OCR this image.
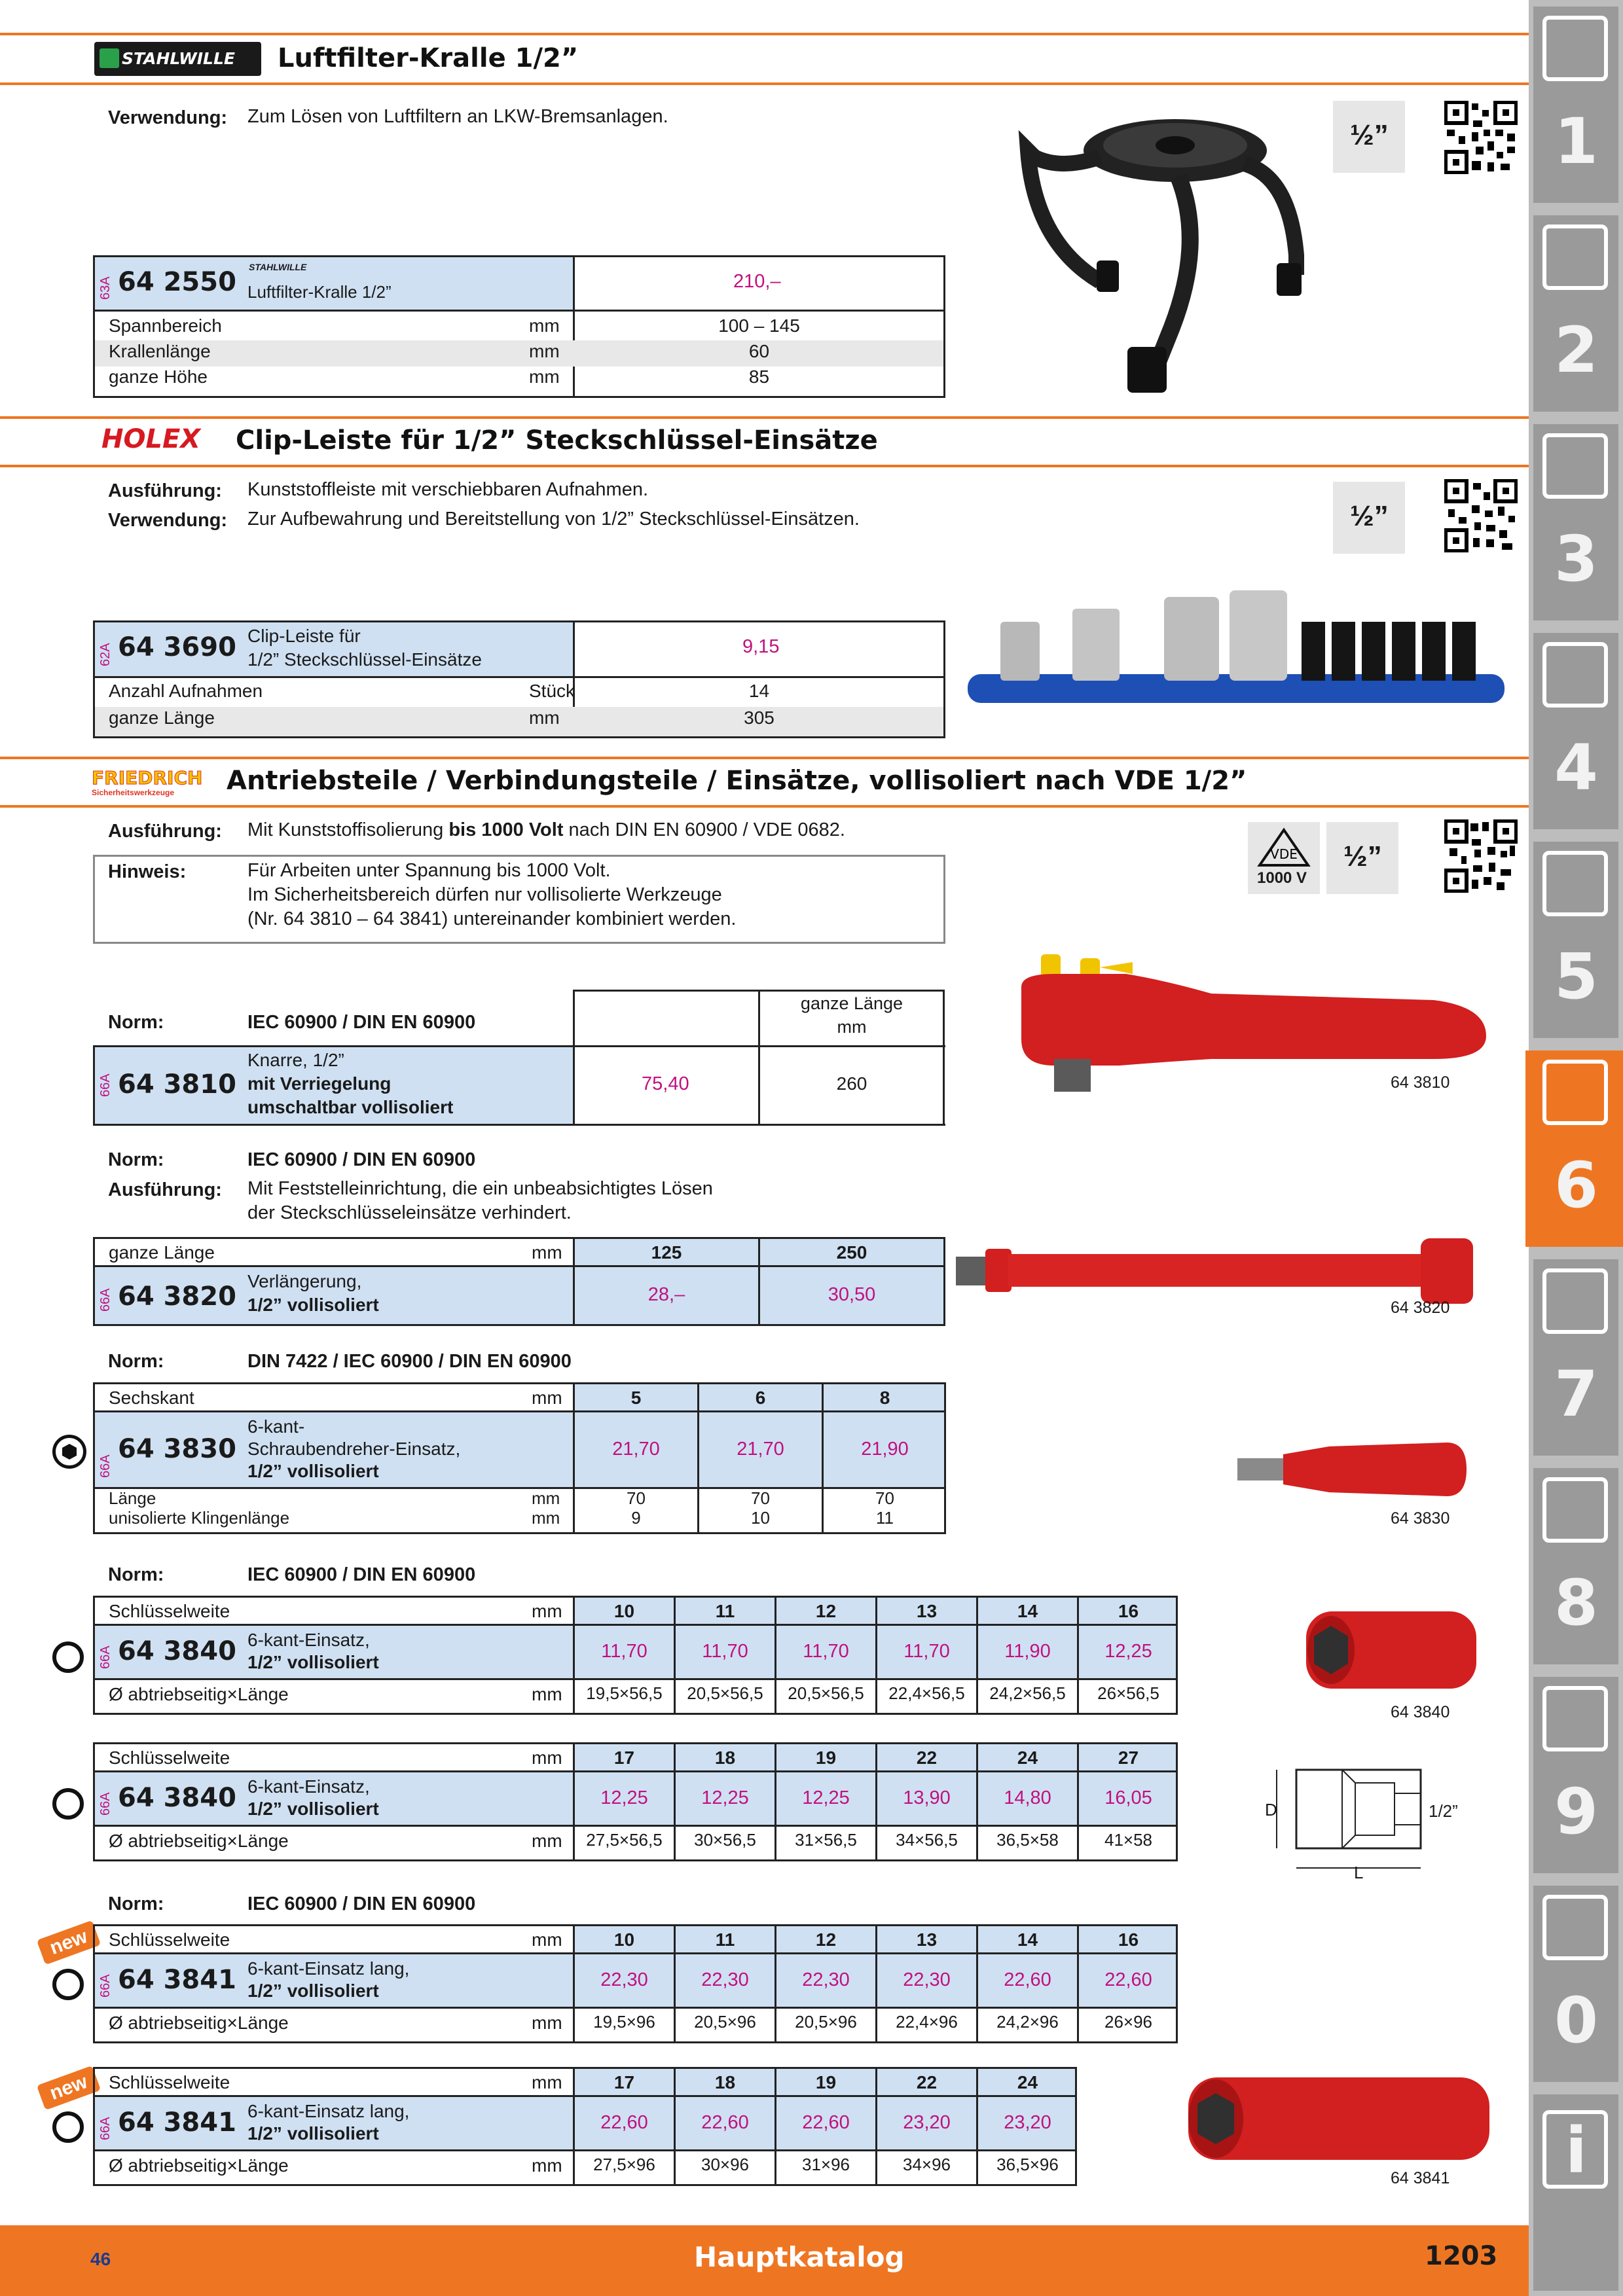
1
2
3
4
5
6
7
8
9
0
i
STAHLWILLE Luftfilter-Kralle 1/2”
Verwendung: Zum Lösen von Luftfiltern an LKW-Bremsanlagen.
½”
63A 64 2550 STAHLWILLE
Luftfilter-Kralle 1/2”	210,–
Spannbereich	mm	100 – 145
Krallenlänge	mm	60
ganze Höhe	mm	85
HOLEX Clip-Leiste für 1/2” Steckschlüssel-Einsätze
Ausführung: Kunststoffleiste mit verschiebbaren Aufnahmen.
Verwendung: Zur Aufbewahrung und Bereitstellung von 1/2” Steckschlüssel-Einsätzen.	½”
62A 64 3690 Clip-Leiste für
1/2” Steckschlüssel-Einsätze
9,15
Anzahl Aufnahmen	Stück	14
ganze Länge	mm	305
FRIEDRICH
Sicherheitswerkzeuge Antriebsteile / Verbindungsteile / Einsätze, vollisoliert nach VDE 1/2”
Ausführung: Mit Kunststoffisolierung bis 1000 Volt nach DIN EN 60900 / VDE 0682.
Hinweis:	Für Arbeiten unter Spannung bis 1000 Volt.
Im Sicherheitsbereich dürfen nur vollisolierte Werkzeuge
(Nr. 64 3810 – 64 3841) untereinander kombiniert werden.
VDE
1000 V
½”
Norm:	IEC 60900 / DIN EN 60900
ganze Länge
mm
66A 64 3810
Knarre, 1/2”
mit Verriegelung
umschaltbar vollisoliert
75,40	260	64 3810
Norm:	IEC 60900 / DIN EN 60900
Ausführung: Mit Feststelleinrichtung, die ein unbeabsichtigtes Lösen
der Steckschlüsseleinsätze verhindert.
ganze Länge	mm	125	250
66A 64 3820
Verlängerung,
1/2” vollisoliert	28,–	30,50
64 3820
Norm:	DIN 7422 / IEC 60900 / DIN EN 60900
Sechskant	mm	5	6	8
66A
64 3830
6-kant-
Schraubendreher-Einsatz,
1/2” vollisoliert
21,70	21,70	21,90
Länge	mm	70	70	70
unisolierte Klingenlänge	mm	9	10	11	64 3830
Norm:	IEC 60900 / DIN EN 60900
Schlüsselweite	mm	10	11	12	13	14	16
66A 64 3840 6-kant-Einsatz,
1/2” vollisoliert
11,70	11,70	11,70	11,70	11,90	12,25
Ø abtriebseitig×Länge	mm	19,5×56,5	20,5×56,5	20,5×56,5	22,4×56,5	24,2×56,5	26×56,5
64 3840
Schlüsselweite	mm	17	18	19	22	24	27
66A 64 3840 6-kant-Einsatz,
1/2” vollisoliert
12,25	12,25	12,25	13,90	14,80	16,05
Ø abtriebseitig×Länge	mm	27,5×56,5	30×56,5	31×56,5	34×56,5	36,5×58	41×58
D
L
1/2”
Norm:	IEC 60900 / DIN EN 60900
new	Schlüsselweite	mm	10	11	12	13	14	16
66A 64 3841 6-kant-Einsatz lang,
1/2” vollisoliert
22,30	22,30	22,30	22,30	22,60	22,60
Ø abtriebseitig×Länge	mm	19,5×96	20,5×96	20,5×96	22,4×96	24,2×96	26×96
new	Schlüsselweite	mm	17	18	19	22	24
66A 64 3841 6-kant-Einsatz lang,
1/2” vollisoliert
22,60	22,60	22,60	23,20	23,20
Ø abtriebseitig×Länge	mm	27,5×96	30×96	31×96	34×96	36,5×96
64 3841
46	Hauptkatalog	1203
